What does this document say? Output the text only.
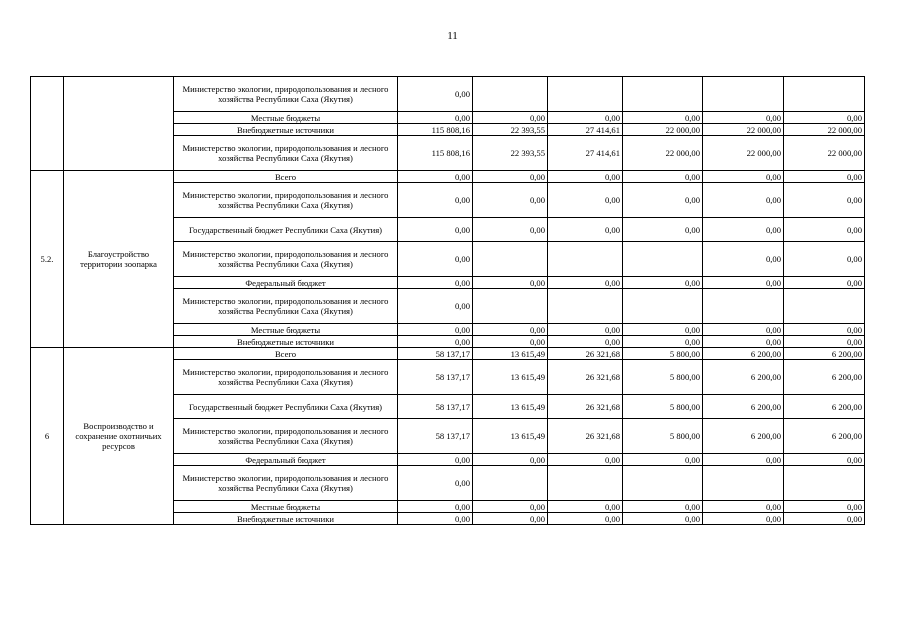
11
		Министерство экологии, природопользования и лесного хозяйства Республики Саха (Якутия)	0,00					
		Местные бюджеты	0,00	0,00	0,00	0,00	0,00	0,00
		Внебюджетные источники	115 808,16	22 393,55	27 414,61	22 000,00	22 000,00	22 000,00
		Министерство экологии, природопользования и лесного хозяйства Республики Саха (Якутия)	115 808,16	22 393,55	27 414,61	22 000,00	22 000,00	22 000,00
5.2.	Благоустройство территории зоопарка	Всего	0,00	0,00	0,00	0,00	0,00	0,00
		Министерство экологии, природопользования и лесного хозяйства Республики Саха (Якутия)	0,00	0,00	0,00	0,00	0,00	0,00
		Государственный бюджет Республики Саха (Якутия)	0,00	0,00	0,00	0,00	0,00	0,00
		Министерство экологии, природопользования и лесного хозяйства Республики Саха (Якутия)	0,00				0,00	0,00
		Федеральный бюджет	0,00	0,00	0,00	0,00	0,00	0,00
		Министерство экологии, природопользования и лесного хозяйства Республики Саха (Якутия)	0,00					
		Местные бюджеты	0,00	0,00	0,00	0,00	0,00	0,00
		Внебюджетные источники	0,00	0,00	0,00	0,00	0,00	0,00
6	Воспроизводство и сохранение охотничьих ресурсов	Всего	58 137,17	13 615,49	26 321,68	5 800,00	6 200,00	6 200,00
		Министерство экологии, природопользования и лесного хозяйства Республики Саха (Якутия)	58 137,17	13 615,49	26 321,68	5 800,00	6 200,00	6 200,00
		Государственный бюджет Республики Саха (Якутия)	58 137,17	13 615,49	26 321,68	5 800,00	6 200,00	6 200,00
		Министерство экологии, природопользования и лесного хозяйства Республики Саха (Якутия)	58 137,17	13 615,49	26 321,68	5 800,00	6 200,00	6 200,00
		Федеральный бюджет	0,00	0,00	0,00	0,00	0,00	0,00
		Министерство экологии, природопользования и лесного хозяйства Республики Саха (Якутия)	0,00					
		Местные бюджеты	0,00	0,00	0,00	0,00	0,00	0,00
		Внебюджетные источники	0,00	0,00	0,00	0,00	0,00	0,00
